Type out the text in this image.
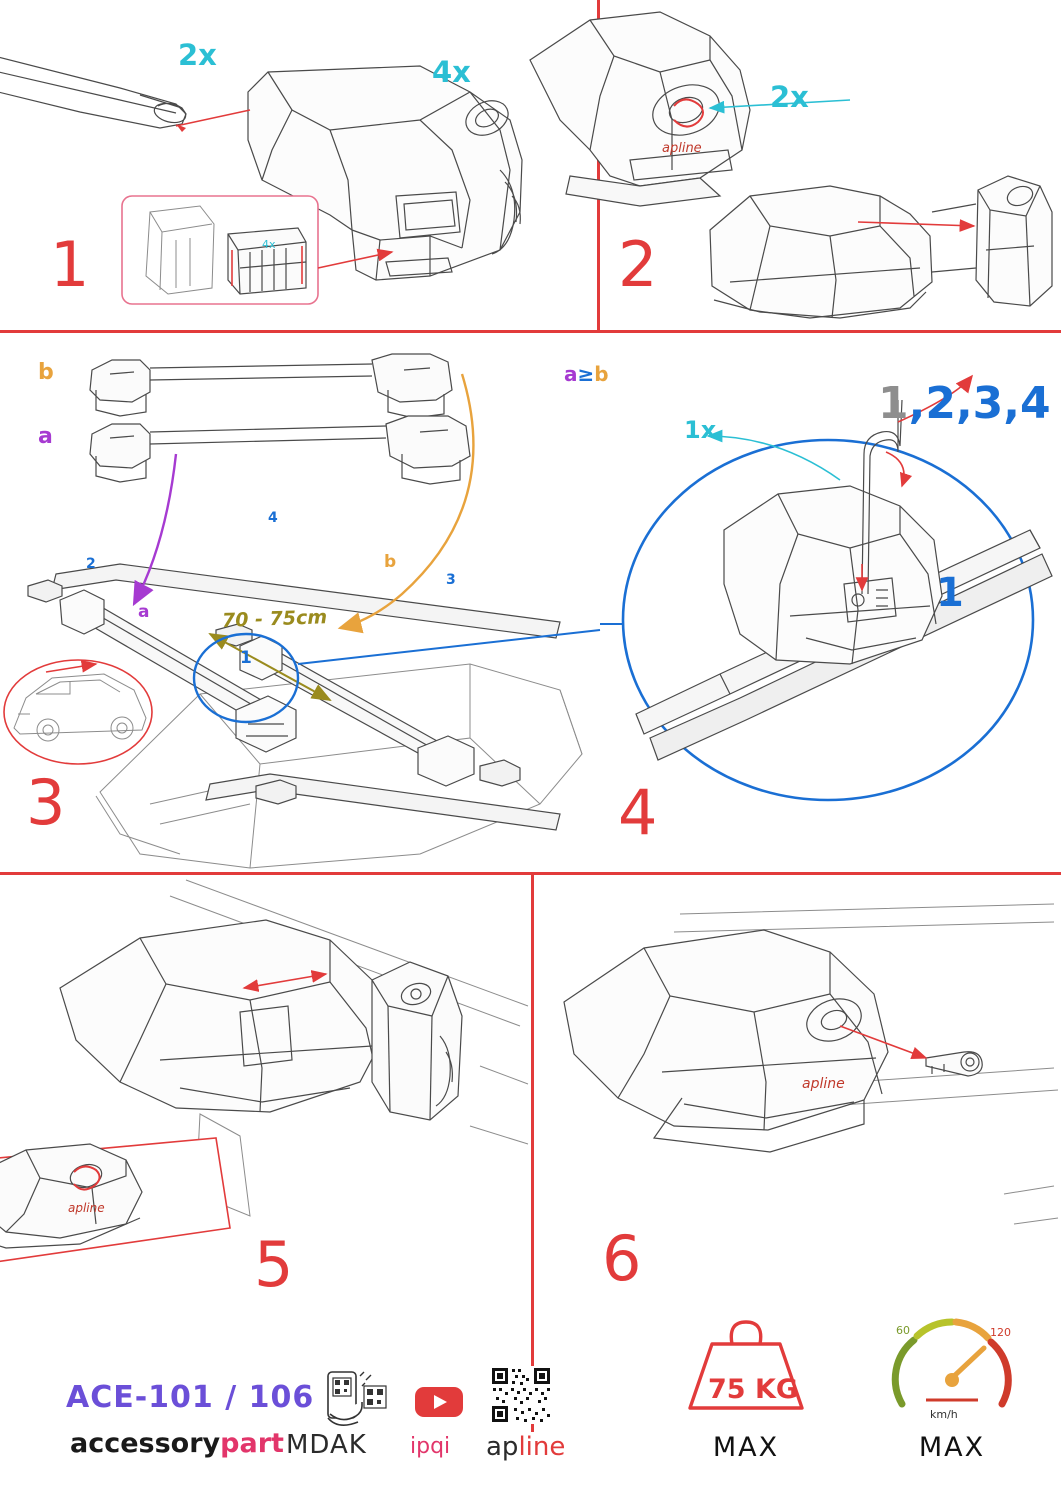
4x
2x	4x
1
apline
2x
2
b
a
70 - 75cm
a
b
2
4
3
1
3
1x
1,2,3,4
1
4
a≥b
apline
5
apline
6
ACE-101 / 106
accessorypart MDAK ipqi apline
75 KG
MAX
60	120
km/h
MAX
